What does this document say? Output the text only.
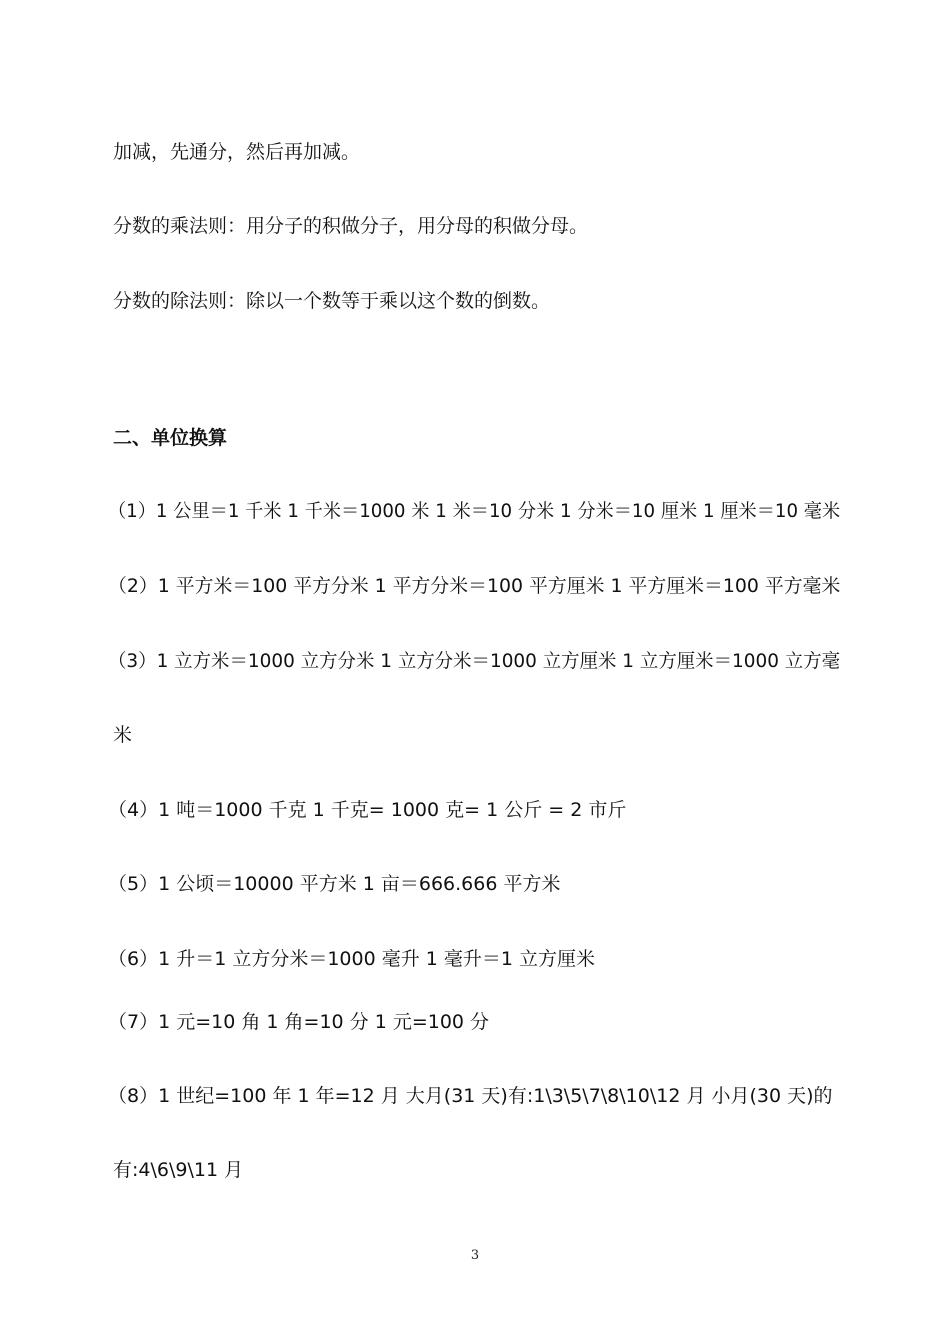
加减，先通分，然后再加减。
分数的乘法则：用分子的积做分子，用分母的积做分母。
分数的除法则：除以一个数等于乘以这个数的倒数。
二、单位换算
（1）1 公里＝1 千米 1 千米＝1000 米 1 米＝10 分米 1 分米＝10 厘米 1 厘米＝10 毫米
（2）1 平方米＝100 平方分米 1 平方分米＝100 平方厘米 1 平方厘米＝100 平方毫米
（3）1 立方米＝1000 立方分米 1 立方分米＝1000 立方厘米 1 立方厘米＝1000 立方毫
米
（4）1 吨＝1000 千克 1 千克= 1000 克= 1 公斤 = 2 市斤
（5）1 公顷＝10000 平方米 1 亩＝666.666 平方米
（6）1 升＝1 立方分米＝1000 毫升 1 毫升＝1 立方厘米
（7）1 元=10 角 1 角=10 分 1 元=100 分
（8）1 世纪=100 年 1 年=12 月 大月(31 天)有:1\3\5\7\8\10\12 月 小月(30 天)的
有:4\6\9\11 月
3
